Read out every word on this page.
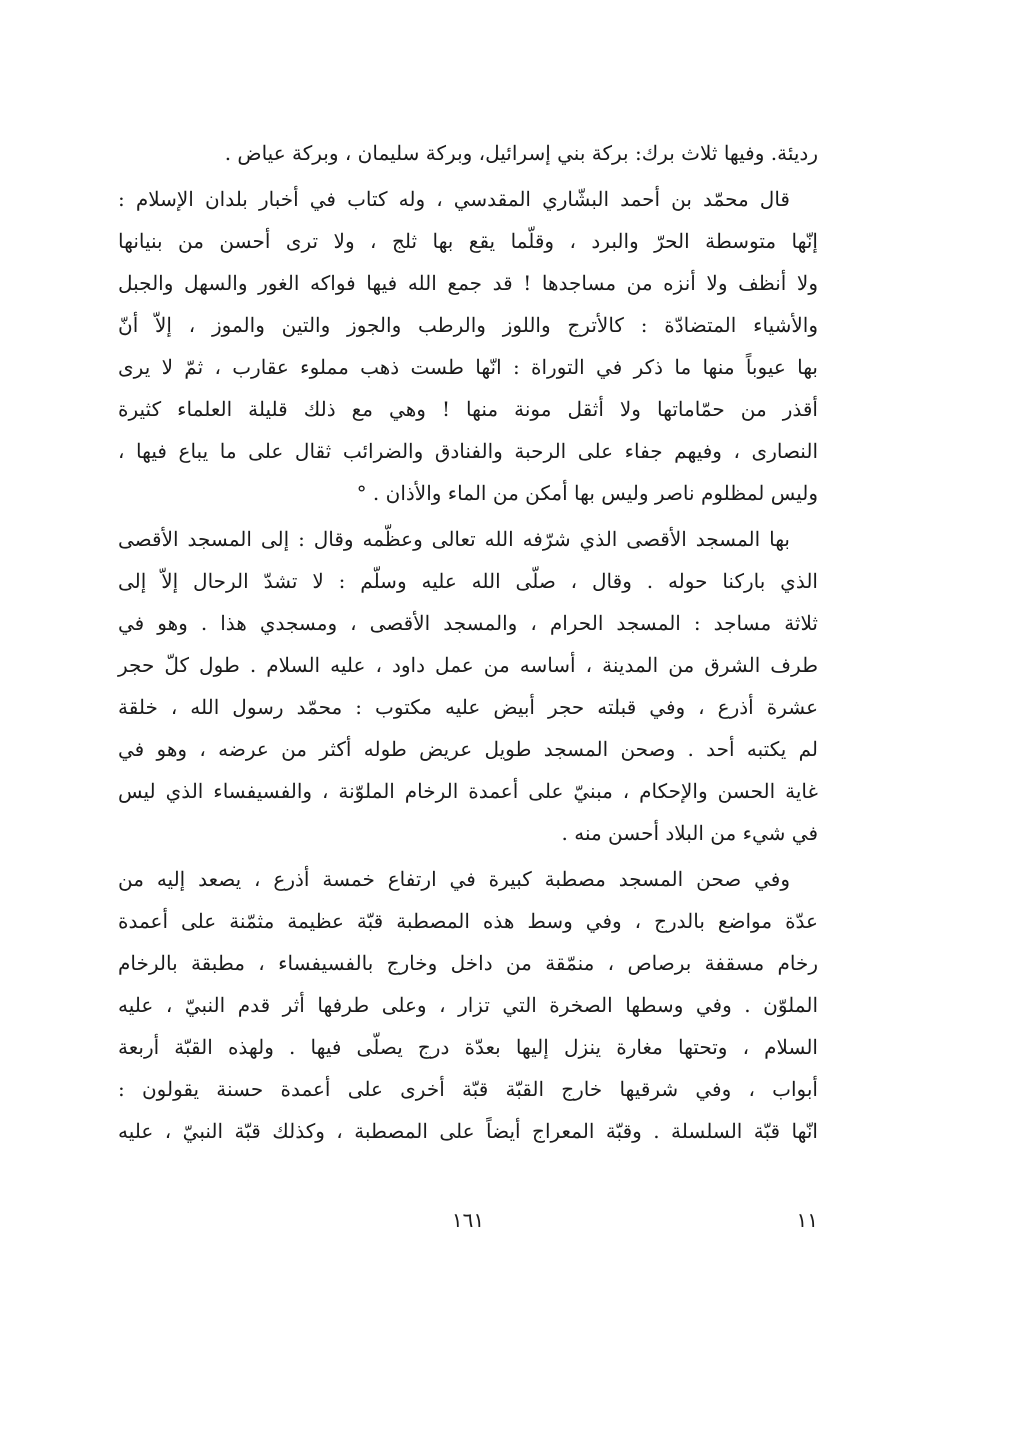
رديئة. وفيها ثلاث برك: بركة بني إسرائيل، وبركة سليمان ، وبركة عياض .
قال محمّد بن أحمد البشّاري المقدسي ، وله كتاب في أخبار بلدان الإسلام :
إنّها متوسطة الحرّ والبرد ، وقلّما يقع بها ثلج ، ولا ترى أحسن من بنيانها
ولا أنظف ولا أنزه من مساجدها ! قد جمع الله فيها فواكه الغور والسهل والجبل
والأشياء المتضادّة : كالأترج واللوز والرطب والجوز والتين والموز ، إلاّ أنّ
بها عيوباً منها ما ذكر في التوراة : انّها طست ذهب مملوء عقارب ، ثمّ لا يرى
أقذر من حمّاماتها ولا أثقل مونة منها ! وهي مع ذلك قليلة العلماء كثيرة
النصارى ، وفيهم جفاء على الرحبة والفنادق والضرائب ثقال على ما يباع فيها ،
وليس لمظلوم ناصر وليس بها أمكن من الماء والأذان . °
بها المسجد الأقصى الذي شرّفه الله تعالى وعظّمه وقال : إلى المسجد الأقصى
الذي باركنا حوله . وقال ، صلّى الله عليه وسلّم : لا تشدّ الرحال إلاّ إلى
ثلاثة مساجد : المسجد الحرام ، والمسجد الأقصى ، ومسجدي هذا . وهو في
طرف الشرق من المدينة ، أساسه من عمل داود ، عليه السلام . طول كلّ حجر
عشرة أذرع ، وفي قبلته حجر أبيض عليه مكتوب : محمّد رسول الله ، خلقة
لم يكتبه أحد . وصحن المسجد طويل عريض طوله أكثر من عرضه ، وهو في
غاية الحسن والإحكام ، مبنيّ على أعمدة الرخام الملوّنة ، والفسيفساء الذي ليس
في شيء من البلاد أحسن منه .
وفي صحن المسجد مصطبة كبيرة في ارتفاع خمسة أذرع ، يصعد إليه من
عدّة مواضع بالدرج ، وفي وسط هذه المصطبة قبّة عظيمة مثمّنة على أعمدة
رخام مسقفة برصاص ، منمّقة من داخل وخارج بالفسيفساء ، مطبقة بالرخام
الملوّن . وفي وسطها الصخرة التي تزار ، وعلى طرفها أثر قدم النبيّ ، عليه
السلام ، وتحتها مغارة ينزل إليها بعدّة درج يصلّى فيها . ولهذه القبّة أربعة
أبواب ، وفي شرقيها خارج القبّة قبّة أخرى على أعمدة حسنة يقولون :
انّها قبّة السلسلة . وقبّة المعراج أيضاً على المصطبة ، وكذلك قبّة النبيّ ، عليه
١١
١٦١
